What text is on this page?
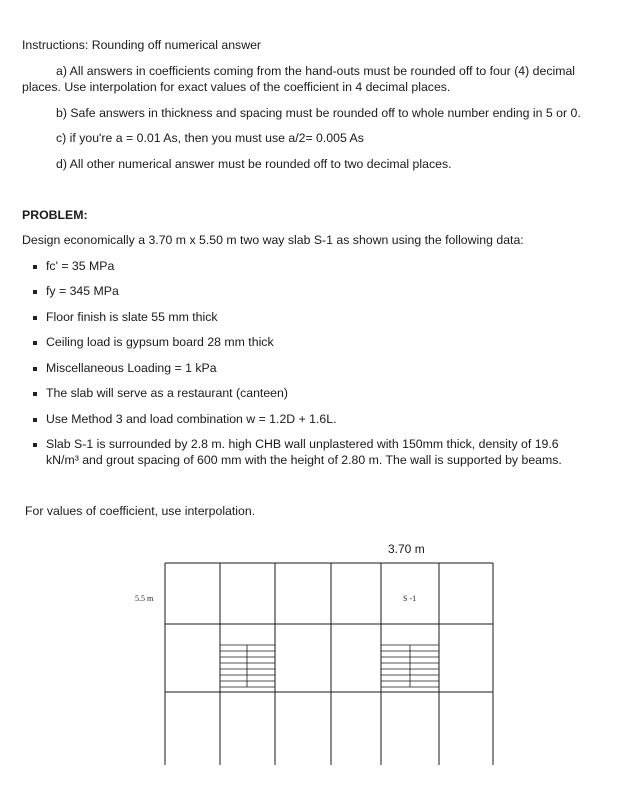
Instructions: Rounding off numerical answer
a) All answers in coefficients coming from the hand-outs must be rounded off to four (4) decimal
places. Use interpolation for exact values of the coefficient in 4 decimal places.
b) Safe answers in thickness and spacing must be rounded off to whole number ending in 5 or 0.
c) if you're a = 0.01 As, then you must use a/2= 0.005 As
d) All other numerical answer must be rounded off to two decimal places.
PROBLEM:
Design economically a 3.70 m x 5.50 m two way slab S-1 as shown using the following data:
fc' = 35 MPa
fy = 345 MPa
Floor finish is slate 55 mm thick
Ceiling load is gypsum board 28 mm thick
Miscellaneous Loading = 1 kPa
The slab will serve as a restaurant (canteen)
Use Method 3 and load combination w = 1.2D + 1.6L.
Slab S-1 is surrounded by 2.8 m. high CHB wall unplastered with 150mm thick, density of 19.6
kN/m³ and grout spacing of 600 mm with the height of 2.80 m. The wall is supported by beams.
For values of coefficient, use interpolation.
3.70 m
5.5 m	S -1
